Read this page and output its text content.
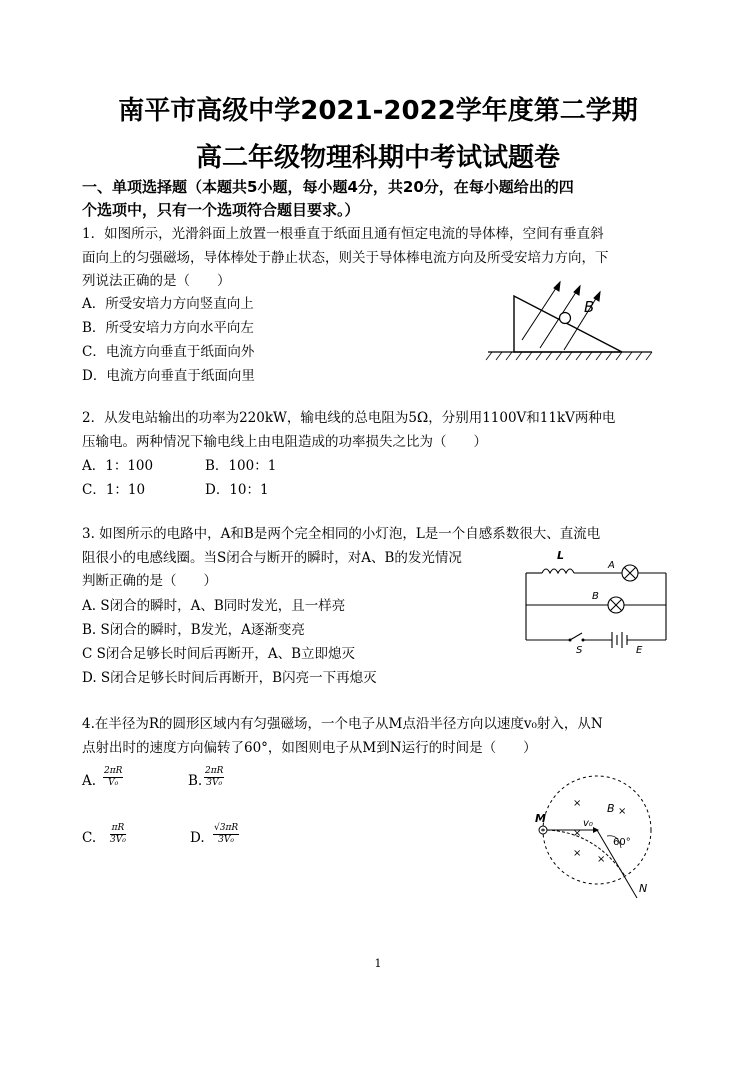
南平市高级中学2021-2022学年度第二学期
高二年级物理科期中考试试题卷
一、单项选择题（本题共5小题，每小题4分，共20分，在每小题给出的四
个选项中，只有一个选项符合题目要求。）
1．如图所示，光滑斜面上放置一根垂直于纸面且通有恒定电流的导体棒，空间有垂直斜
面向上的匀强磁场，导体棒处于静止状态，则关于导体棒电流方向及所受安培力方向，下
列说法正确的是（　　）
A．所受安培力方向竖直向上
B．所受安培力方向水平向左
C．电流方向垂直于纸面向外
D．电流方向垂直于纸面向里
B
2．从发电站输出的功率为220kW，输电线的总电阻为5Ω，分别用1100V和11kV两种电
压输电。两种情况下输电线上由电阻造成的功率损失之比为（　　）
A．1：100	B．100：1
C．1：10	D．10：1
3. 如图所示的电路中，A和B是两个完全相同的小灯泡，L是一个自感系数很大、直流电
阻很小的电感线圈。当S闭合与断开的瞬时，对A、B的发光情况
判断正确的是（　　）
A. S闭合的瞬时，A、B同时发光，且一样亮
B. S闭合的瞬时，B发光，A逐渐变亮
C S闭合足够长时间后再断开，A、B立即熄灭
D. S闭合足够长时间后再断开，B闪亮一下再熄灭
L
A
B
S	E
4.在半径为R的圆形区域内有匀强磁场，一个电子从M点沿半径方向以速度v₀射入，从N
点射出时的速度方向偏转了60°，如图则电子从M到N运行的时间是（　　）
A. $\frac{2\pi R}{\text{V₀}}$	B. $\frac{2\pi R}{\text{3V₀}}$
C. $\frac{\pi R}{\text{3V₀}}$	D. $\frac{√3\pi R}{\text{3V₀}}$	60°
M
N
B
v₀
×
×
×
×
×
1
